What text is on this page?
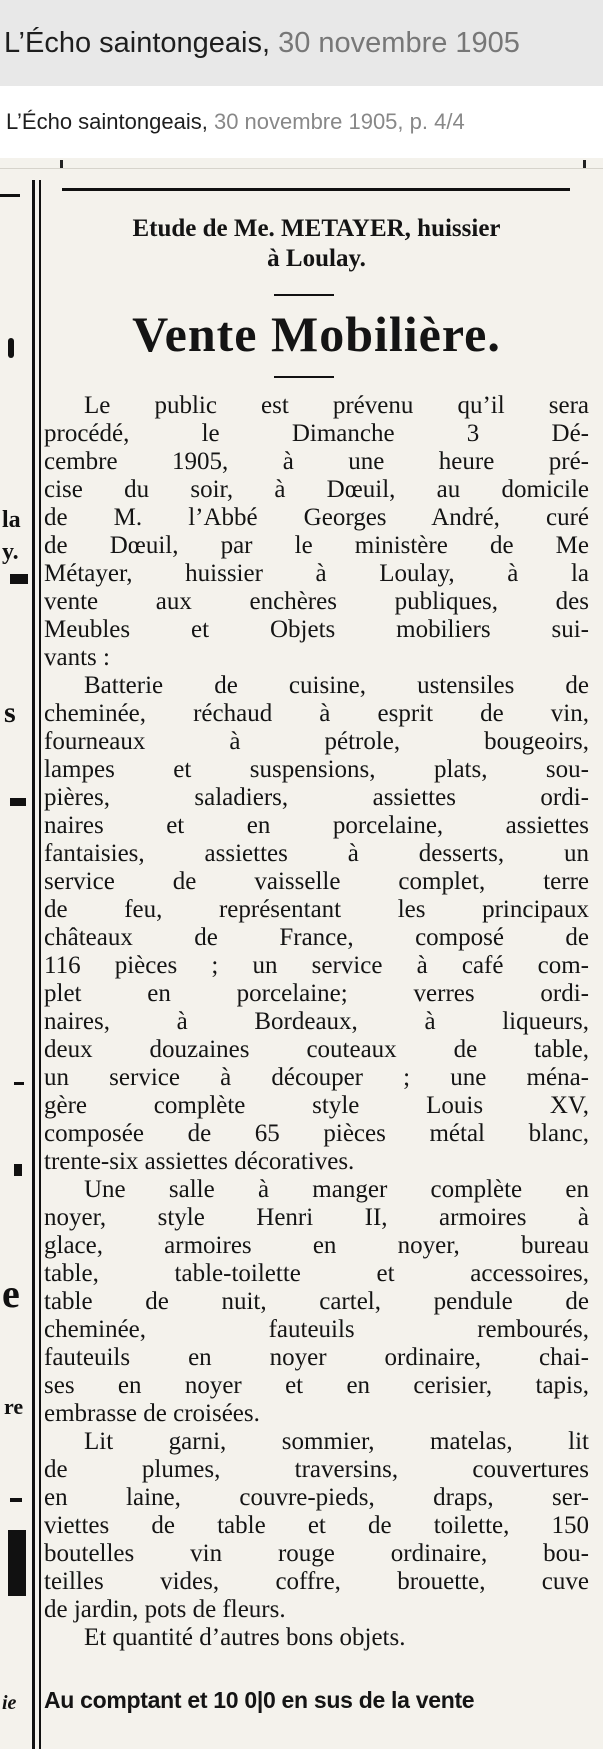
L’Écho saintongeais,
30 novembre 1905
L’Écho saintongeais,
30 novembre 1905, p. 4/4
la
y.
s
e
re
ie
Etude de Me. METAYER, huissier
à Loulay.
Vente Mobilière.
Le public est prévenu qu’il sera
procédé, le Dimanche 3 Dé-
cembre 1905, à une heure pré-
cise du soir, à Dœuil, au domicile
de M. l’Abbé Georges André, curé
de Dœuil, par le ministère de Me
Métayer, huissier à Loulay, à la
vente aux enchères publiques, des
Meubles et Objets mobiliers sui-
vants :
Batterie de cuisine, ustensiles de
cheminée, réchaud à esprit de vin,
fourneaux à pétrole, bougeoirs,
lampes et suspensions, plats, sou-
pières, saladiers, assiettes ordi-
naires et en porcelaine, assiettes
fantaisies, assiettes à desserts, un
service de vaisselle complet, terre
de feu, représentant les principaux
châteaux de France, composé de
116 pièces ; un service à café com-
plet en porcelaine; verres ordi-
naires, à Bordeaux, à liqueurs,
deux douzaines couteaux de table,
un service à découper ; une ména-
gère complète style Louis XV,
composée de 65 pièces métal blanc,
trente-six assiettes décoratives.
Une salle à manger complète en
noyer, style Henri II, armoires à
glace, armoires en noyer, bureau
table, table-toilette et accessoires,
table de nuit, cartel, pendule de
cheminée, fauteuils rembourés,
fauteuils en noyer ordinaire, chai-
ses en noyer et en cerisier, tapis,
embrasse de croisées.
Lit garni, sommier, matelas, lit
de plumes, traversins, couvertures
en laine, couvre-pieds, draps, ser-
viettes de table et de toilette, 150
boutelles vin rouge ordinaire, bou-
teilles vides, coffre, brouette, cuve
de jardin, pots de fleurs.
Et quantité d’autres bons objets.
Au comptant et 10 0|0 en sus de la vente
